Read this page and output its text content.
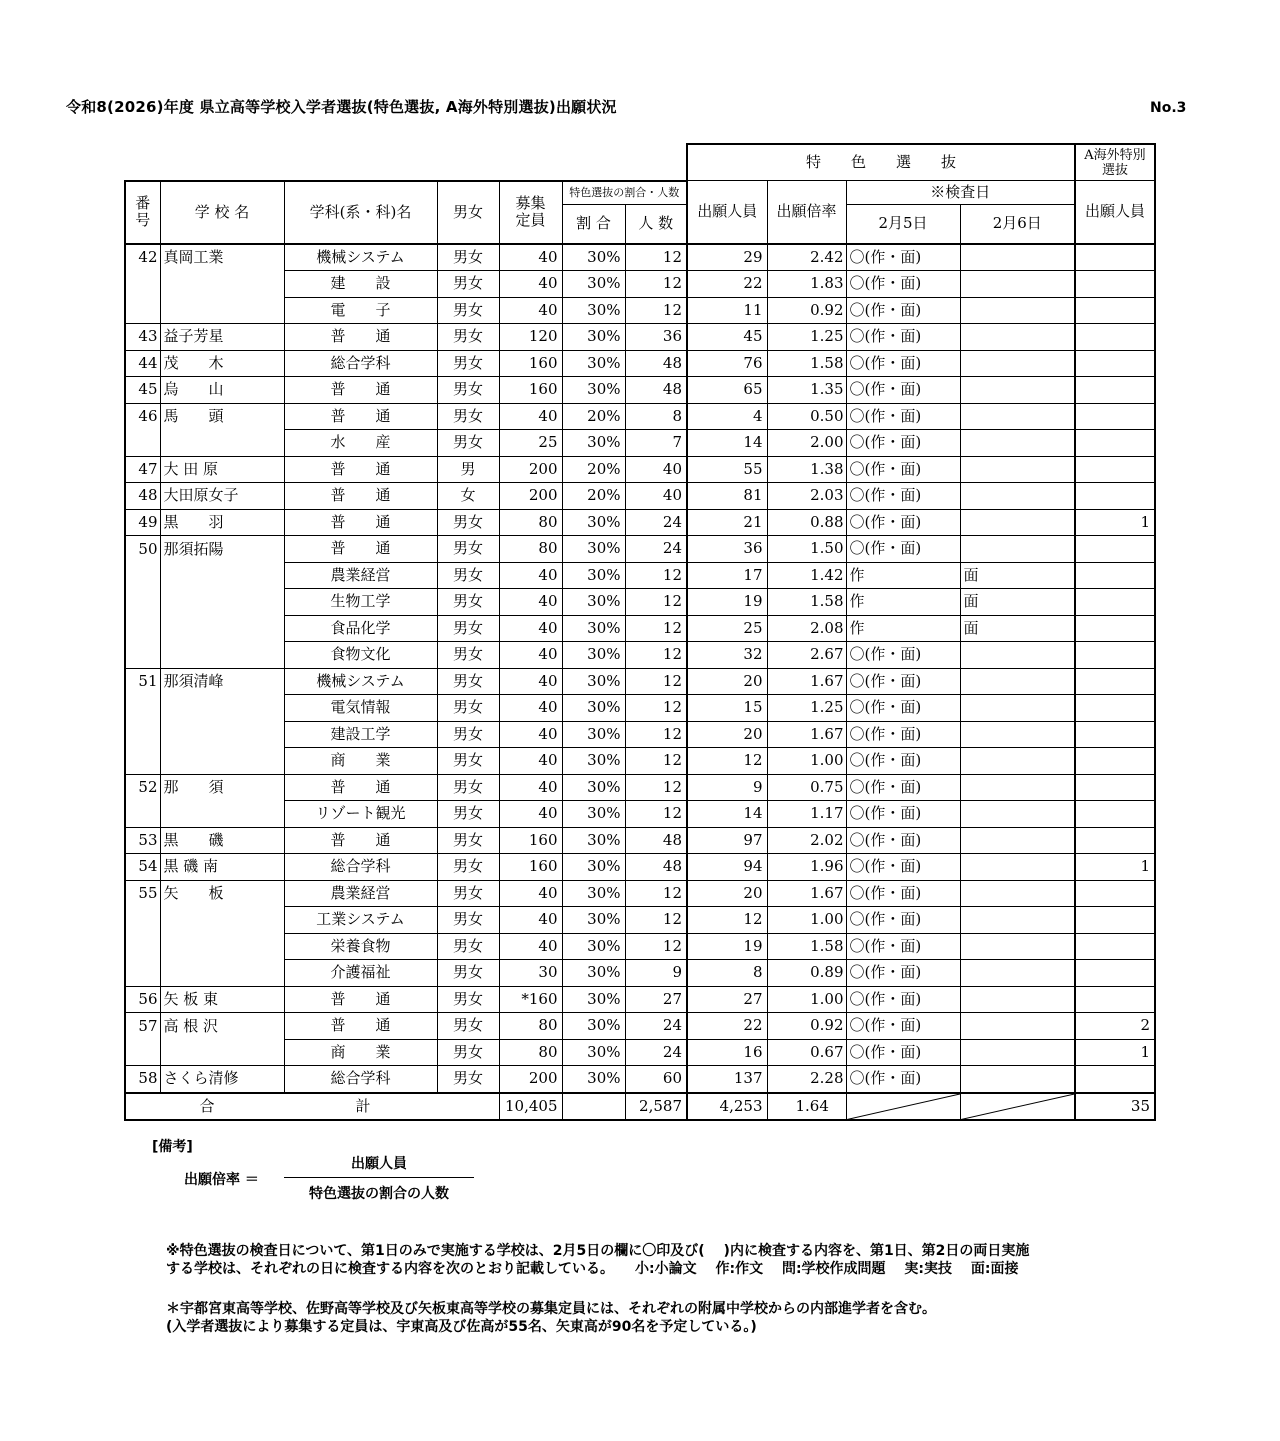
令和8(2026)年度 県立高等学校入学者選抜(特色選抜, A海外特別選抜)出願状況	No.3
							特　　色　　選　　抜				A海外特別選抜
番号	学 校 名	学科(系・科)名	男女	募集定員	特色選抜の割合・人数		出願人員	出願倍率	※検査日		出願人員
					割 合	人 数			2月5日	2月6日	
42	真岡工業	機械システム	男女	40	30%	12	29	2.42	〇(作・面)		
		建　　設	男女	40	30%	12	22	1.83	〇(作・面)		
		電　　子	男女	40	30%	12	11	0.92	〇(作・面)		
43	益子芳星	普　　通	男女	120	30%	36	45	1.25	〇(作・面)		
44	茂　　木	総合学科	男女	160	30%	48	76	1.58	〇(作・面)		
45	烏　　山	普　　通	男女	160	30%	48	65	1.35	〇(作・面)		
46	馬　　頭	普　　通	男女	40	20%	8	4	0.50	〇(作・面)		
		水　　産	男女	25	30%	7	14	2.00	〇(作・面)		
47	大 田 原	普　　通	男	200	20%	40	55	1.38	〇(作・面)		
48	大田原女子	普　　通	女	200	20%	40	81	2.03	〇(作・面)		
49	黒　　羽	普　　通	男女	80	30%	24	21	0.88	〇(作・面)		1
50	那須拓陽	普　　通	男女	80	30%	24	36	1.50	〇(作・面)		
		農業経営	男女	40	30%	12	17	1.42	作	面	
		生物工学	男女	40	30%	12	19	1.58	作	面	
		食品化学	男女	40	30%	12	25	2.08	作	面	
		食物文化	男女	40	30%	12	32	2.67	〇(作・面)		
51	那須清峰	機械システム	男女	40	30%	12	20	1.67	〇(作・面)		
		電気情報	男女	40	30%	12	15	1.25	〇(作・面)		
		建設工学	男女	40	30%	12	20	1.67	〇(作・面)		
		商　　業	男女	40	30%	12	12	1.00	〇(作・面)		
52	那　　須	普　　通	男女	40	30%	12	9	0.75	〇(作・面)		
		リゾート観光	男女	40	30%	12	14	1.17	〇(作・面)		
53	黒　　磯	普　　通	男女	160	30%	48	97	2.02	〇(作・面)		
54	黒 磯 南	総合学科	男女	160	30%	48	94	1.96	〇(作・面)		1
55	矢　　板	農業経営	男女	40	30%	12	20	1.67	〇(作・面)		
		工業システム	男女	40	30%	12	12	1.00	〇(作・面)		
		栄養食物	男女	40	30%	12	19	1.58	〇(作・面)		
		介護福祉	男女	30	30%	9	8	0.89	〇(作・面)		
56	矢 板 東	普　　通	男女	*160	30%	27	27	1.00	〇(作・面)		
57	高 根 沢	普　　通	男女	80	30%	24	22	0.92	〇(作・面)		2
		商　　業	男女	80	30%	24	16	0.67	〇(作・面)		1
58	さくら清修	総合学科	男女	200	30%	60	137	2.28	〇(作・面)		
合 計				10,405		2,587	4,253	1.64			35
[備考]
出願倍率 ＝
出願人員
特色選抜の割合の人数
※特色選抜の検査日について、第1日のみで実施する学校は、2月5日の欄に〇印及び(　 )内に検査する内容を、第1日、第2日の両日実施
する学校は、それぞれの日に検査する内容を次のとおり記載している。　　小:小論文　 作:作文　 問:学校作成問題　 実:実技　 面:面接
＊宇都宮東高等学校、佐野高等学校及び矢板東高等学校の募集定員には、それぞれの附属中学校からの内部進学者を含む。
(入学者選抜により募集する定員は、宇東高及び佐高が55名、矢東高が90名を予定している。)
